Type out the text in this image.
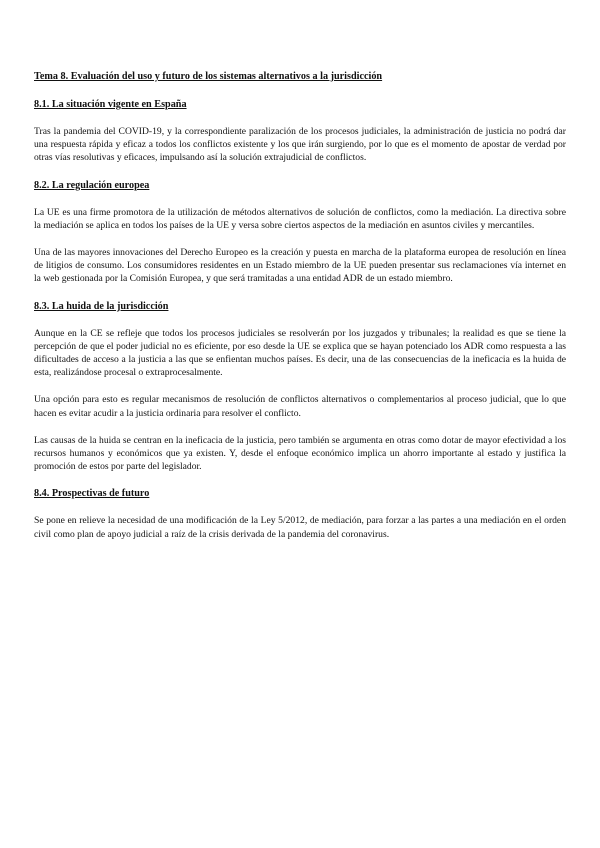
Tema 8. Evaluación del uso y futuro de los sistemas alternativos a la jurisdicción
8.1. La situación vigente en España

Tras la pandemia del COVID-19, y la correspondiente paralización de los procesos judiciales, la administración de justicia no podrá dar una respuesta rápida y eficaz a todos los conflictos existente y los que irán surgiendo, por lo que es el momento de apostar de verdad por otras vías resolutivas y eficaces, impulsando así la solución extrajudicial de conflictos.

8.2. La regulación europea

La UE es una firme promotora de la utilización de métodos alternativos de solución de conflictos, como la mediación. La directiva sobre la mediación se aplica en todos los países de la UE y versa sobre ciertos aspectos de la mediación en asuntos civiles y mercantiles.

Una de las mayores innovaciones del Derecho Europeo es la creación y puesta en marcha de la plataforma europea de resolución en línea de litigios de consumo. Los consumidores residentes en un Estado miembro de la UE pueden presentar sus reclamaciones vía internet en la web gestionada por la Comisión Europea, y que será tramitadas a una entidad ADR de un estado miembro.

8.3. La huida de la jurisdicción

Aunque en la CE se refleje que todos los procesos judiciales se resolverán por los juzgados y tribunales; la realidad es que se tiene la percepción de que el poder judicial no es eficiente, por eso desde la UE se explica que se hayan potenciado los ADR como respuesta a las dificultades de acceso a la justicia a las que se enfientan muchos países. Es decir, una de las consecuencias de la ineficacia es la huida de esta, realizándose procesal o extraprocesalmente.

Una opción para esto es regular mecanismos de resolución de conflictos alternativos o complementarios al proceso judicial, que lo que hacen es evitar acudir a la justicia ordinaria para resolver el conflicto.

Las causas de la huida se centran en la ineficacia de la justicia, pero también se argumenta en otras como dotar de mayor efectividad a los recursos humanos y económicos que ya existen. Y, desde el enfoque económico implica un ahorro importante al estado y justifica la promoción de estos por parte del legislador.

8.4. Prospectivas de futuro

Se pone en relieve la necesidad de una modificación de la Ley 5/2012, de mediación, para forzar a las partes a una mediación en el orden civil como plan de apoyo judicial a raíz de la crisis derivada de la pandemia del coronavirus.
